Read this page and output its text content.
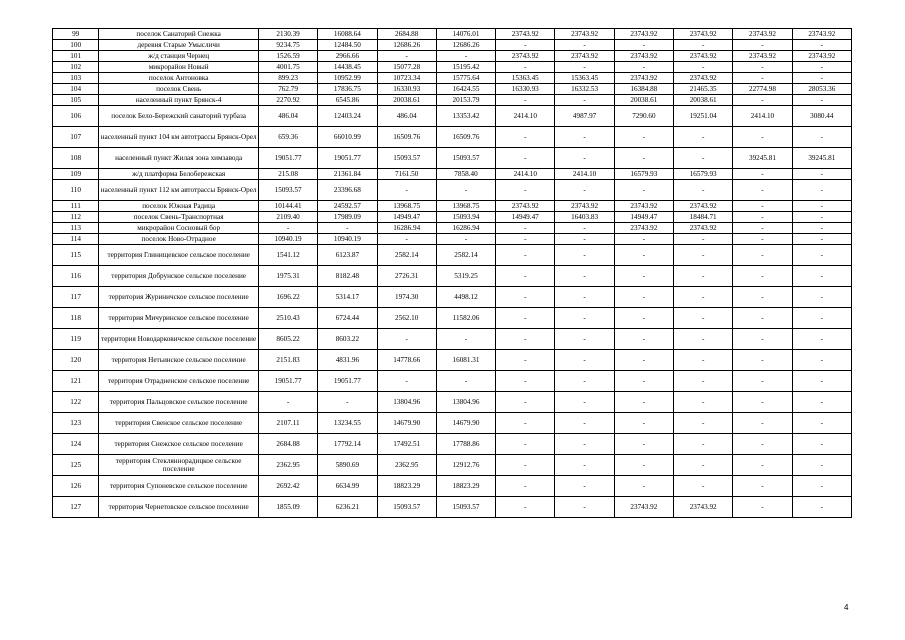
99	поселок Санаторий Снежка	2130.39	16088.64	2684.88	14076.01	23743.92	23743.92	23743.92	23743.92	23743.92	23743.92
100	деревня Старые Умысличи	9234.75	12484.50	12686.26	12686.26	-	-	-	-	-	-
101	ж/д станция Чернец	1526.59	2966.66	-	-	23743.92	23743.92	23743.92	23743.92	23743.92	23743.92
102	микрорайон Новый	4001.75	14438.45	15077.28	15195.42	-	-	-	-	-	-
103	поселок Антоновка	899.23	10952.99	10723.34	15775.64	15363.45	15363.45	23743.92	23743.92	-	-
104	поселок Свень	762.79	17836.75	16330.93	16424.55	16330.93	16332.53	16384.88	21465.35	22774.98	28053.36
105	населенный пункт Брянск-4	2270.92	6545.86	20038.61	20153.79	-	-	20038.61	20038.61	-	-
106	поселок Бело-Бережский санаторий турбаза	486.04	12403.24	486.04	13353.42	2414.10	4987.97	7290.60	19251.04	2414.10	3080.44
107	населенный пункт 104 км автотрассы Брянск-Орел	659.36	66010.99	16509.76	16509.76	-	-	-	-	-	-
108	населенный пункт Жилая зона химзавода	19051.77	19051.77	15093.57	15093.57	-	-	-	-	39245.81	39245.81
109	ж/д платформа Белобережская	215.08	21361.84	7161.50	7858.40	2414.10	2414.10	16579.93	16579.93	-	-
110	населенный пункт 112 км автотрассы Брянск-Орел	15093.57	23396.68	-	-	-	-	-	-	-	-
111	поселок Южная Радица	10144.41	24592.57	13968.75	13968.75	23743.92	23743.92	23743.92	23743.92	-	-
112	поселок Свень-Транспортная	2109.40	17989.09	14949.47	15093.94	14949.47	16403.83	14949.47	18484.71	-	-
113	микрорайон Сосновый бор	-	-	16286.94	16286.94	-	-	23743.92	23743.92	-	-
114	поселок Ново-Отрадное	10940.19	10940.19	-	-	-	-	-	-	-	-
115	территория Глинищевское сельское поселение	1541.12	6123.87	2582.14	2582.14	-	-	-	-	-	-
116	территория Добрунское сельское поселение	1975.31	8182.48	2726.31	5319.25	-	-	-	-	-	-
117	территория Журиничское сельское поселение	1696.22	5314.17	1974.30	4498.12	-	-	-	-	-	-
118	территория Мичуринское сельское поселение	2510.43	6724.44	2562.10	11582.06	-	-	-	-	-	-
119	территория Новодарковичское сельское поселение	8605.22	8603.22	-	-	-	-	-	-	-	-
120	территория Нетьинское сельское поселение	2151.83	4831.96	14778.66	16081.31	-	-	-	-	-	-
121	территория Отрадненское сельское поселение	19051.77	19051.77	-	-	-	-	-	-	-	-
122	территория Пальцовское сельское поселение	-	-	13804.96	13804.96	-	-	-	-	-	-
123	территория Свенское сельское поселение	2107.11	13234.55	14679.90	14679.90	-	-	-	-	-	-
124	территория Снежское сельское поселение	2684.88	17792.14	17492.51	17788.86	-	-	-	-	-	-
125	территория Стекляннорадицкое сельское поселение	2362.95	5890.69	2362.95	12912.76	-	-	-	-	-	-
126	территория Супоневское сельское поселение	2692.42	6634.99	18823.29	18823.29	-	-	-	-	-	-
127	территория Чернетовское сельское поселение	1855.09	6236.21	15093.57	15093.57	-	-	23743.92	23743.92	-	-
4
